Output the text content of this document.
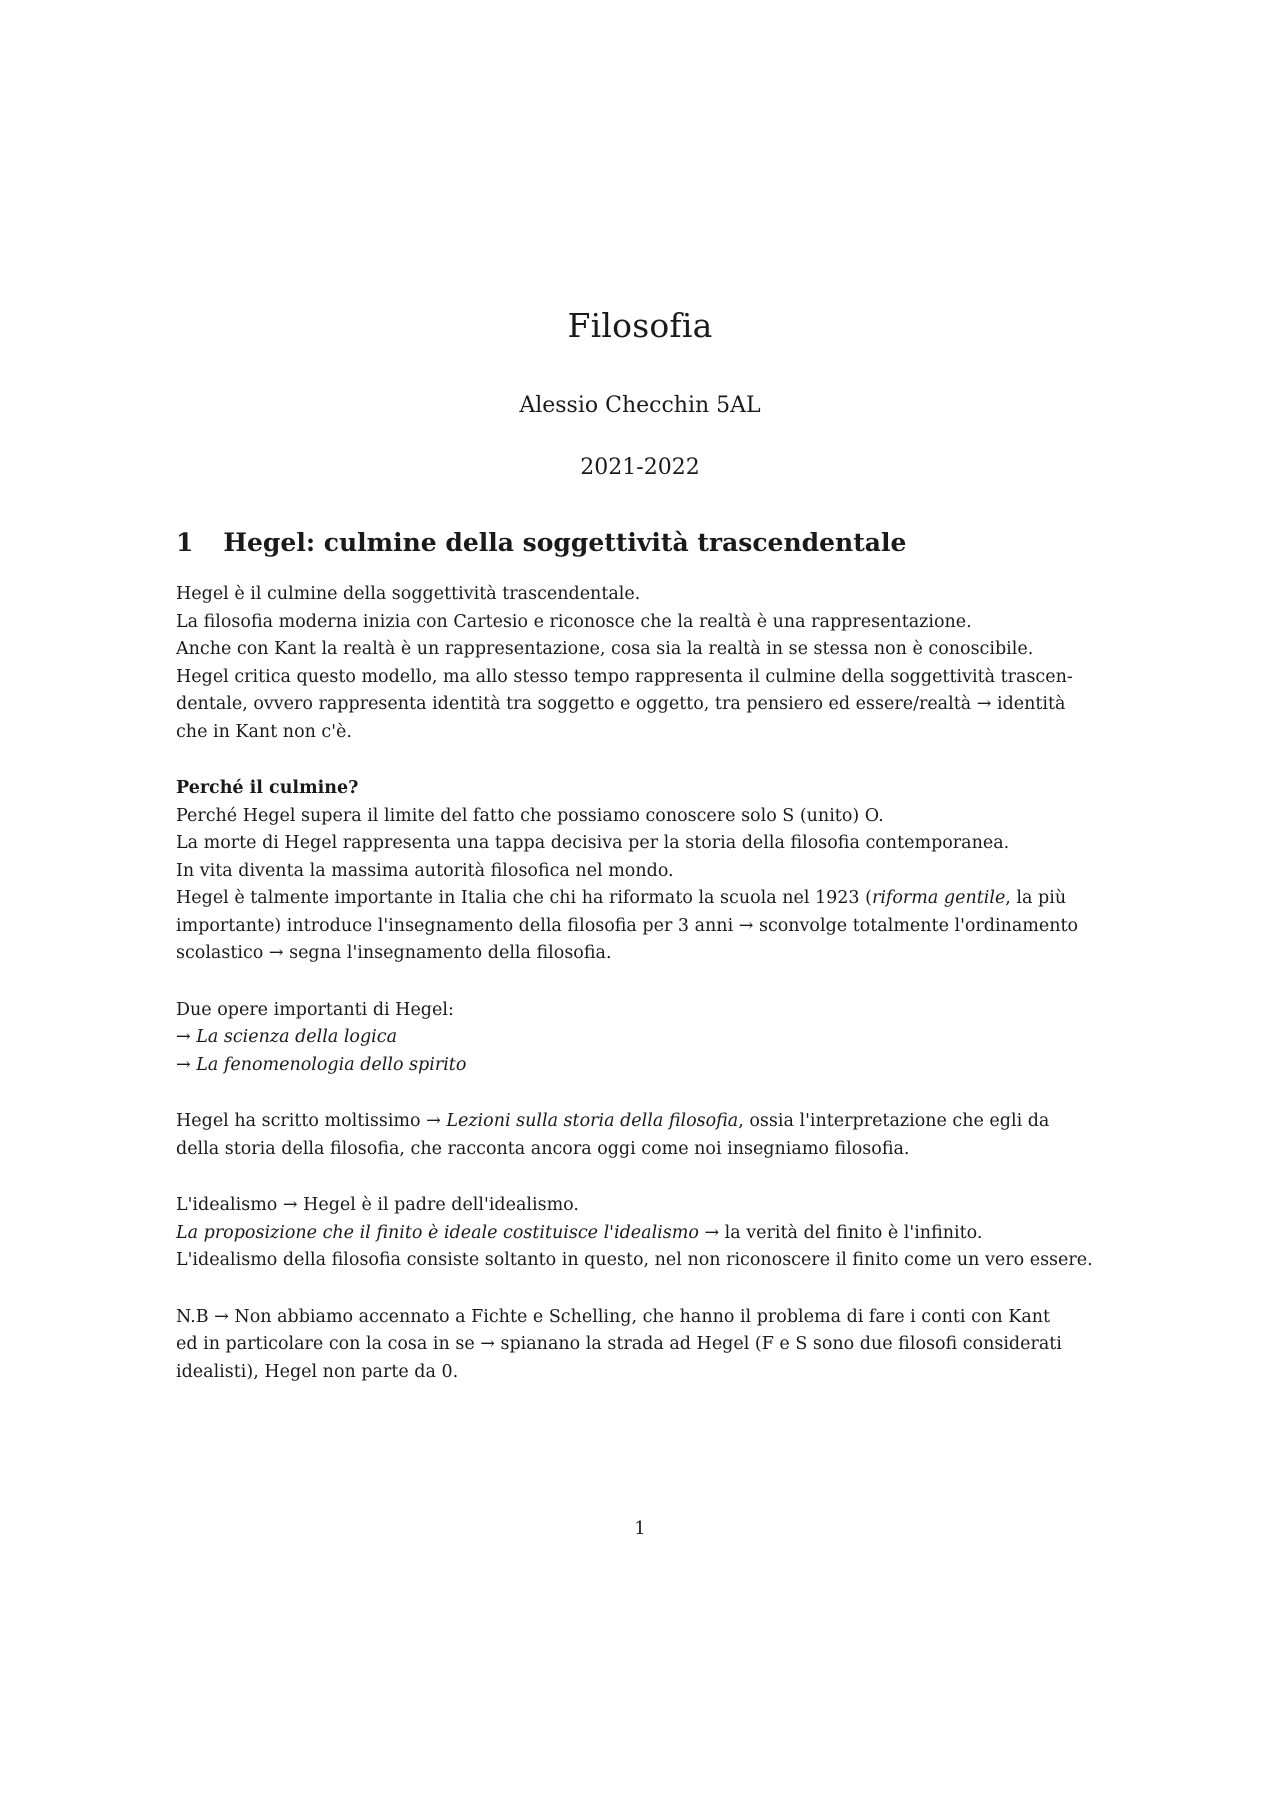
Filosofia
Alessio Checchin 5AL
2021-2022
1 Hegel: culmine della soggettività trascendentale

Hegel è il culmine della soggettività trascendentale.

La filosofia moderna inizia con Cartesio e riconosce che la realtà è una rappresentazione.

Anche con Kant la realtà è un rappresentazione, cosa sia la realtà in se stessa non è conoscibile.

Hegel critica questo modello, ma allo stesso tempo rappresenta il culmine della soggettività trascen-

dentale, ovvero rappresenta identità tra soggetto e oggetto, tra pensiero ed essere/realtà → identità

che in Kant non c'è.

Perché il culmine?

Perché Hegel supera il limite del fatto che possiamo conoscere solo S (unito) O.

La morte di Hegel rappresenta una tappa decisiva per la storia della filosofia contemporanea.

In vita diventa la massima autorità filosofica nel mondo.

Hegel è talmente importante in Italia che chi ha riformato la scuola nel 1923 (riforma gentile, la più

importante) introduce l'insegnamento della filosofia per 3 anni → sconvolge totalmente l'ordinamento

scolastico → segna l'insegnamento della filosofia.

Due opere importanti di Hegel:

→ La scienza della logica

→ La fenomenologia dello spirito

Hegel ha scritto moltissimo → Lezioni sulla storia della filosofia, ossia l'interpretazione che egli da

della storia della filosofia, che racconta ancora oggi come noi insegniamo filosofia.

L'idealismo → Hegel è il padre dell'idealismo.

La proposizione che il finito è ideale costituisce l'idealismo → la verità del finito è l'infinito.

L'idealismo della filosofia consiste soltanto in questo, nel non riconoscere il finito come un vero essere.

N.B → Non abbiamo accennato a Fichte e Schelling, che hanno il problema di fare i conti con Kant

ed in particolare con la cosa in se → spianano la strada ad Hegel (F e S sono due filosofi considerati

idealisti), Hegel non parte da 0.

1
